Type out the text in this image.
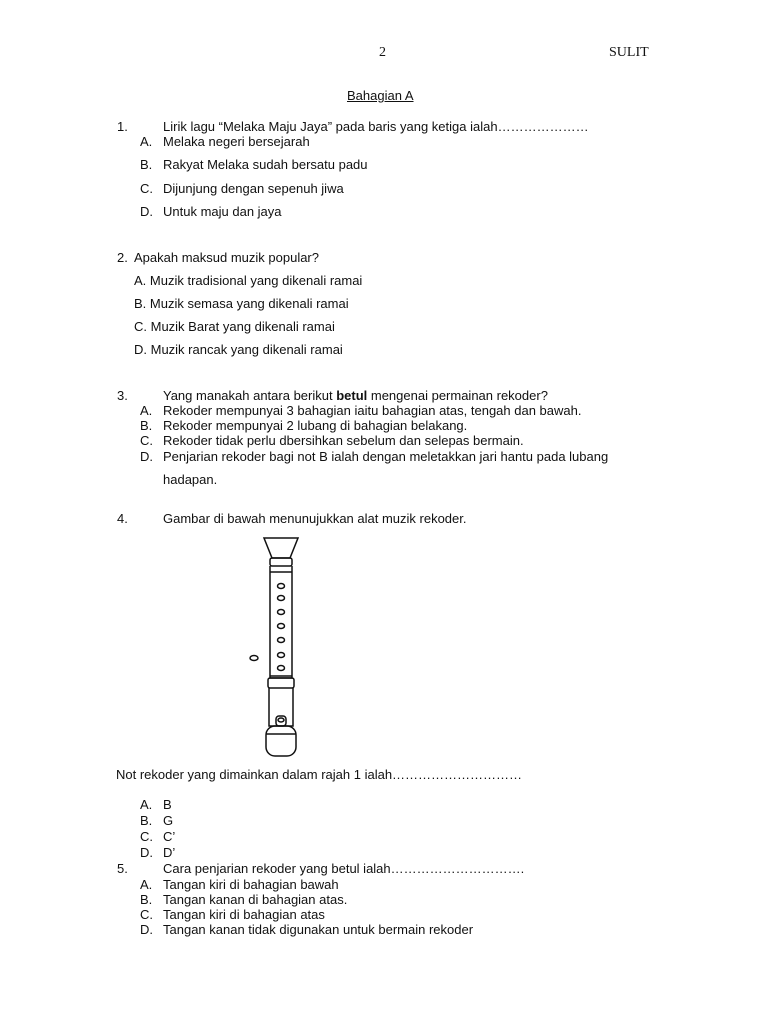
2	SULIT
Bahagian A
1.	Lirik lagu “Melaka Maju Jaya” pada baris yang ketiga ialah…………………
A. Melaka negeri bersejarah
B. Rakyat Melaka sudah bersatu padu
C. Dijunjung dengan sepenuh jiwa
D. Untuk maju dan jaya
2. Apakah maksud muzik popular?
A. Muzik tradisional yang dikenali ramai
B. Muzik semasa yang dikenali ramai
C. Muzik Barat yang dikenali ramai
D. Muzik rancak yang dikenali ramai
3.	Yang manakah antara berikut betul mengenai permainan rekoder?
A. Rekoder mempunyai 3 bahagian iaitu bahagian atas, tengah dan bawah.
B. Rekoder mempunyai 2 lubang di bahagian belakang.
C. Rekoder tidak perlu dbersihkan sebelum dan selepas bermain.
D. Penjarian rekoder bagi not B ialah dengan meletakkan jari hantu pada lubang
hadapan.
4.	Gambar di bawah menunujukkan alat muzik rekoder.
Not rekoder yang dimainkan dalam rajah 1 ialah…………………………
A. B
B. G
C. C’
D. D’
5.	Cara penjarian rekoder yang betul ialah………………………….
A. Tangan kiri di bahagian bawah
B. Tangan kanan di bahagian atas.
C. Tangan kiri di bahagian atas
D. Tangan kanan tidak digunakan untuk bermain rekoder
